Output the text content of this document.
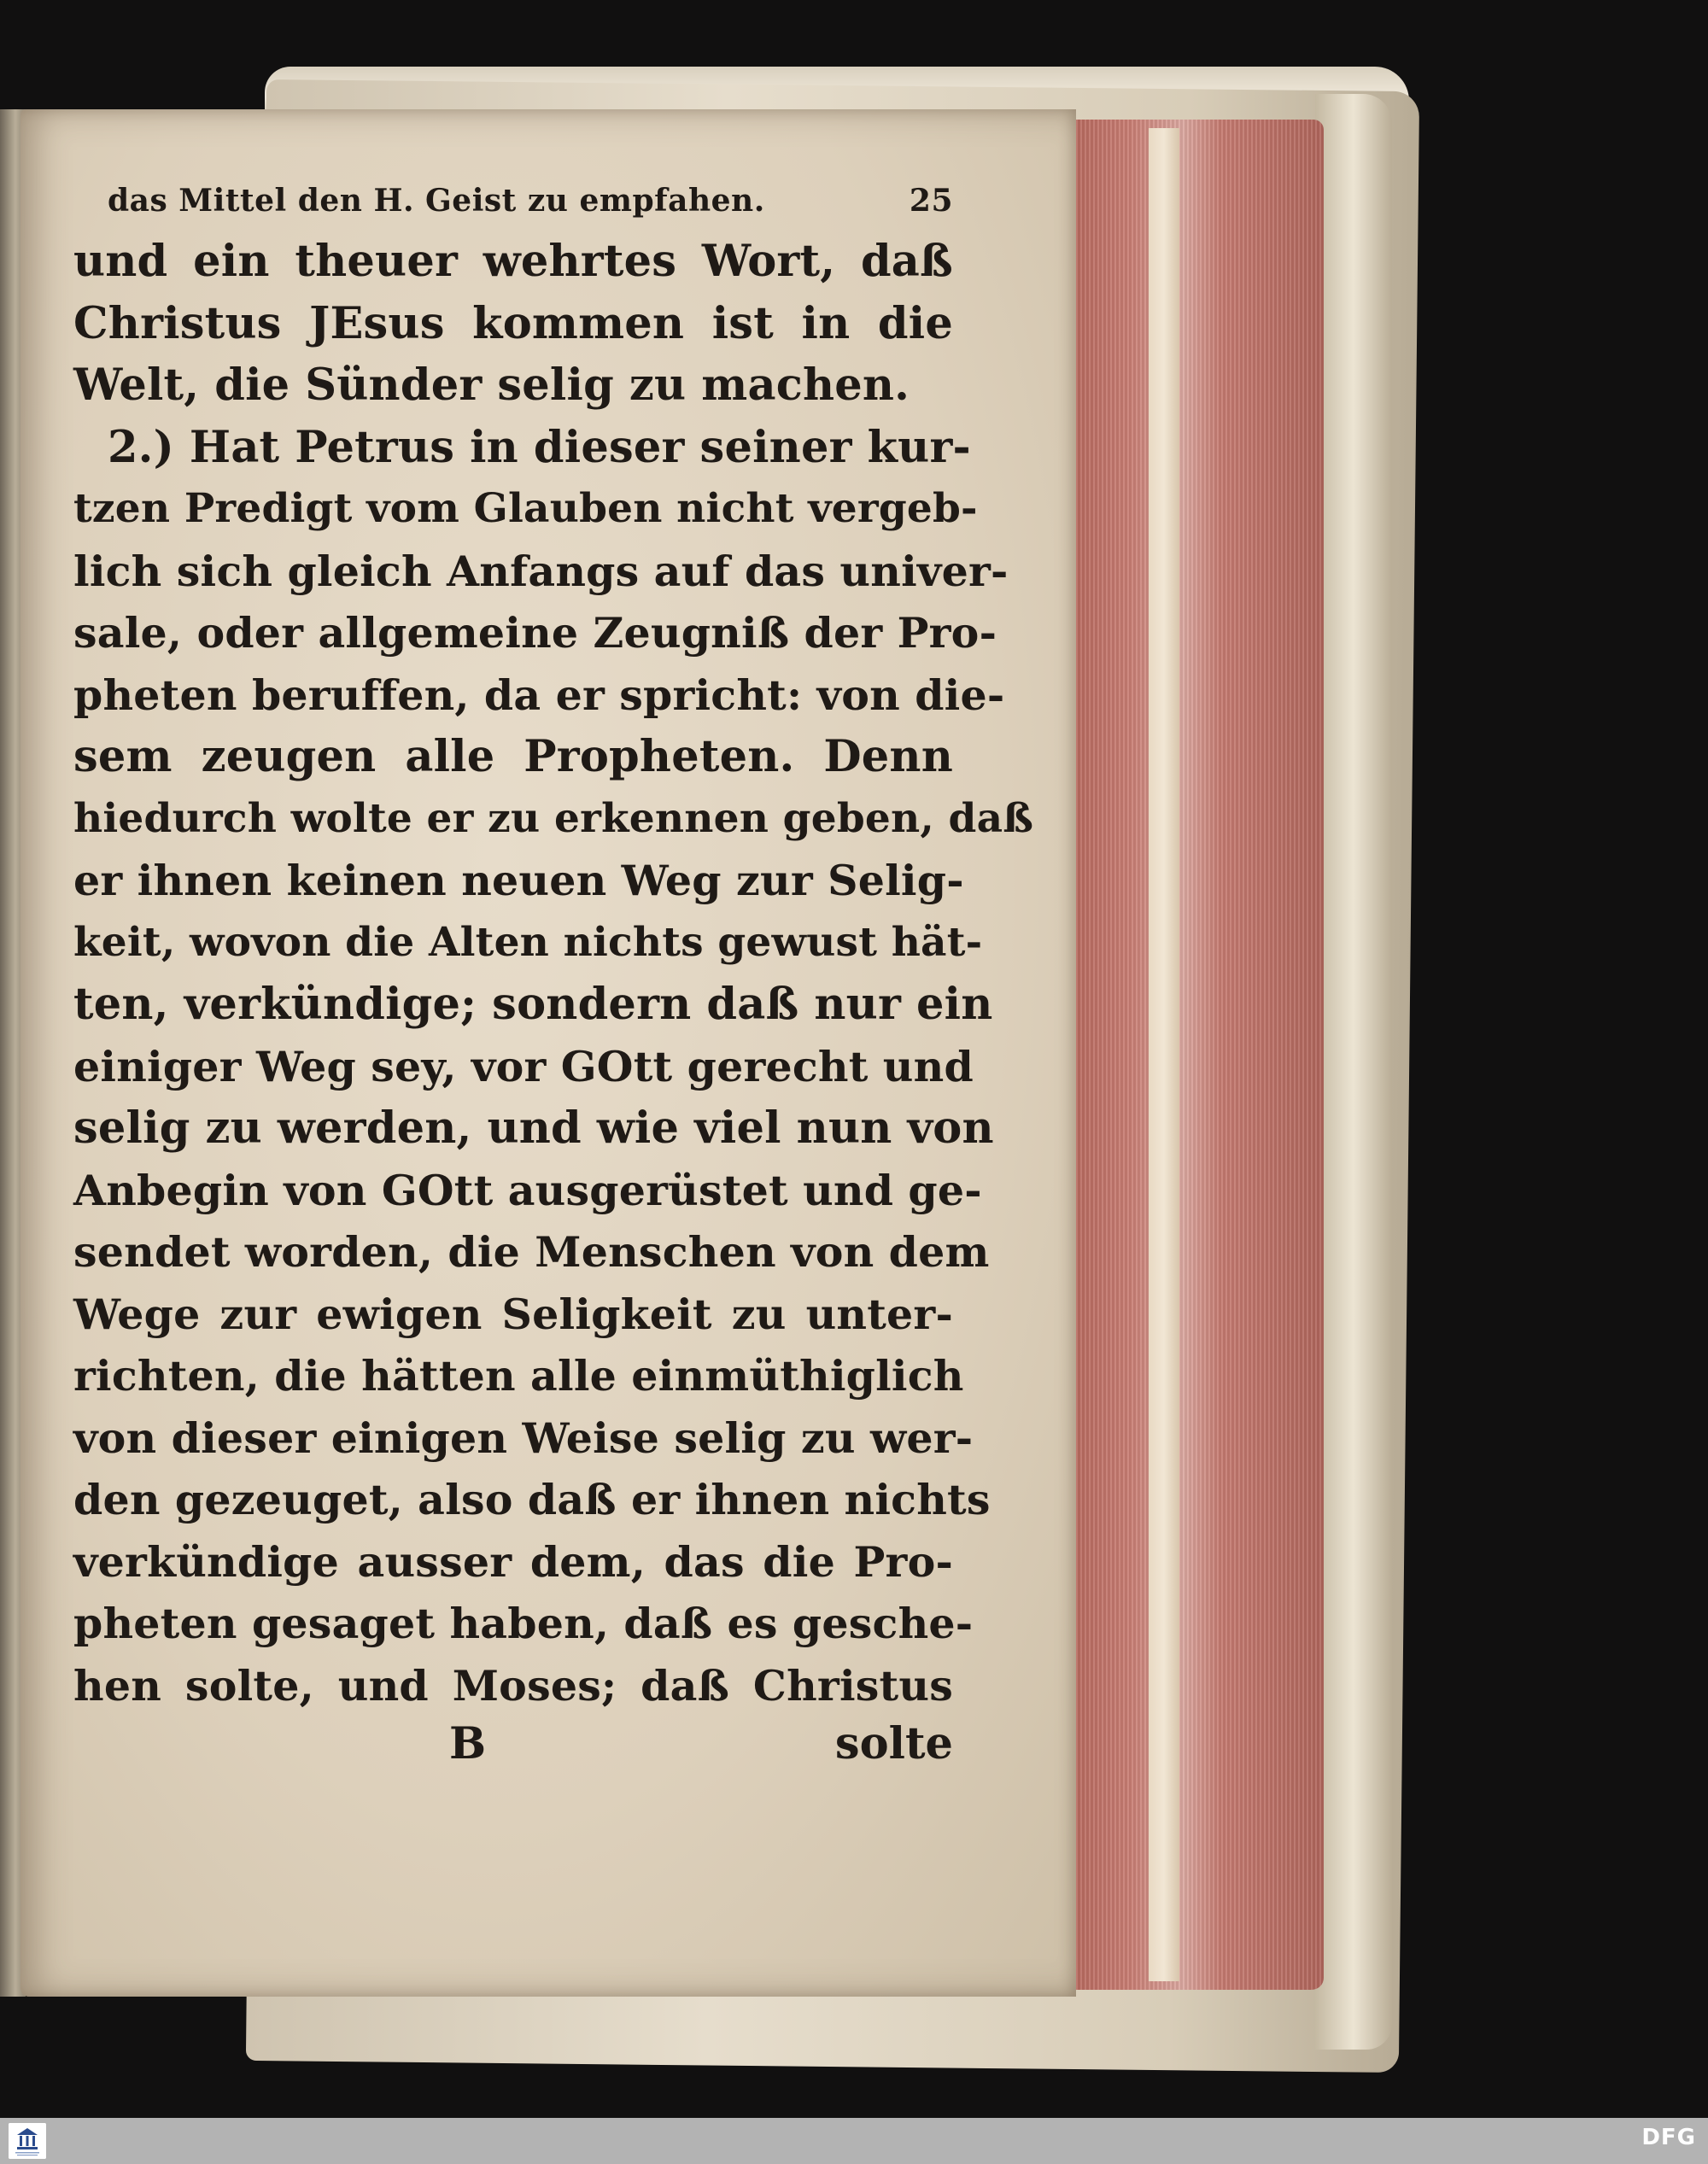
das Mittel den H. Geist zu empfahen.	25
und ein theuer wehrtes Wort, daß
Christus JEsus kommen ist in die
Welt, die Sünder selig zu machen.
2.) Hat Petrus in dieser seiner kur-
tzen Predigt vom Glauben nicht vergeb-
lich sich gleich Anfangs auf das univer-
sale, oder allgemeine Zeugniß der Pro-
pheten beruffen, da er spricht: von die-
sem zeugen alle Propheten. Denn
hiedurch wolte er zu erkennen geben, daß
er ihnen keinen neuen Weg zur Selig-
keit, wovon die Alten nichts gewust hät-
ten, verkündige; sondern daß nur ein
einiger Weg sey, vor GOtt gerecht und
selig zu werden, und wie viel nun von
Anbegin von GOtt ausgerüstet und ge-
sendet worden, die Menschen von dem
Wege zur ewigen Seligkeit zu unter-
richten, die hätten alle einmüthiglich
von dieser einigen Weise selig zu wer-
den gezeuget, also daß er ihnen nichts
verkündige ausser dem, das die Pro-
pheten gesaget haben, daß es gesche-
hen solte, und Moses; daß Christus
B	solte
DFG
